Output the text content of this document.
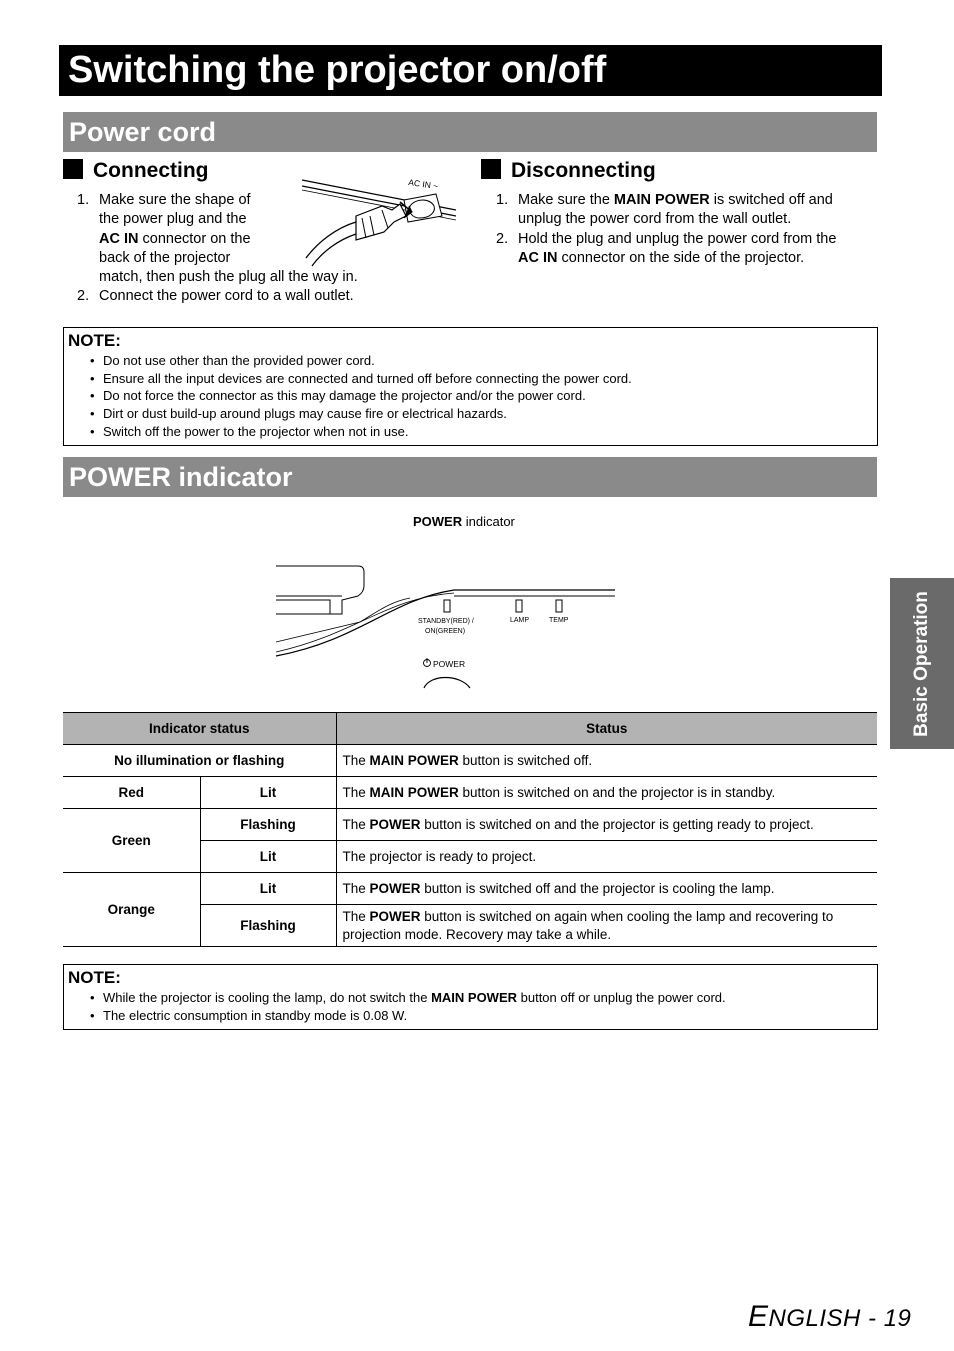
Switching the projector on/off
Power cord
Connecting
1. Make sure the shape of
the power plug and the
AC IN connector on the
back of the projector
match, then push the plug all the way in.
2. Connect the power cord to a wall outlet.
AC IN ~
Disconnecting
1. Make sure the MAIN POWER is switched off and
unplug the power cord from the wall outlet.
2. Hold the plug and unplug the power cord from the
AC IN connector on the side of the projector.
NOTE:
• Do not use other than the provided power cord.
• Ensure all the input devices are connected and turned off before connecting the power cord.
• Do not force the connector as this may damage the projector and/or the power cord.
• Dirt or dust build-up around plugs may cause fire or electrical hazards.
• Switch off the power to the projector when not in use.
POWER indicator
POWER indicator
STANDBY(RED) /
ON(GREEN)
LAMP	TEMP
POWER
Indicator status		Status
No illumination or flashing		The MAIN POWER button is switched off.
Red	Lit	The MAIN POWER button is switched on and the projector is in standby.
Green	Flashing	The POWER button is switched on and the projector is getting ready to project.
	Lit	The projector is ready to project.
Orange	Lit	The POWER button is switched off and the projector is cooling the lamp.
	Flashing	The POWER button is switched on again when cooling the lamp and recovering to projection mode. Recovery may take a while.
NOTE:
• While the projector is cooling the lamp, do not switch the MAIN POWER button off or unplug the power cord.
• The electric consumption in standby mode is 0.08 W.
Basic Operation
ENGLISH - 19
